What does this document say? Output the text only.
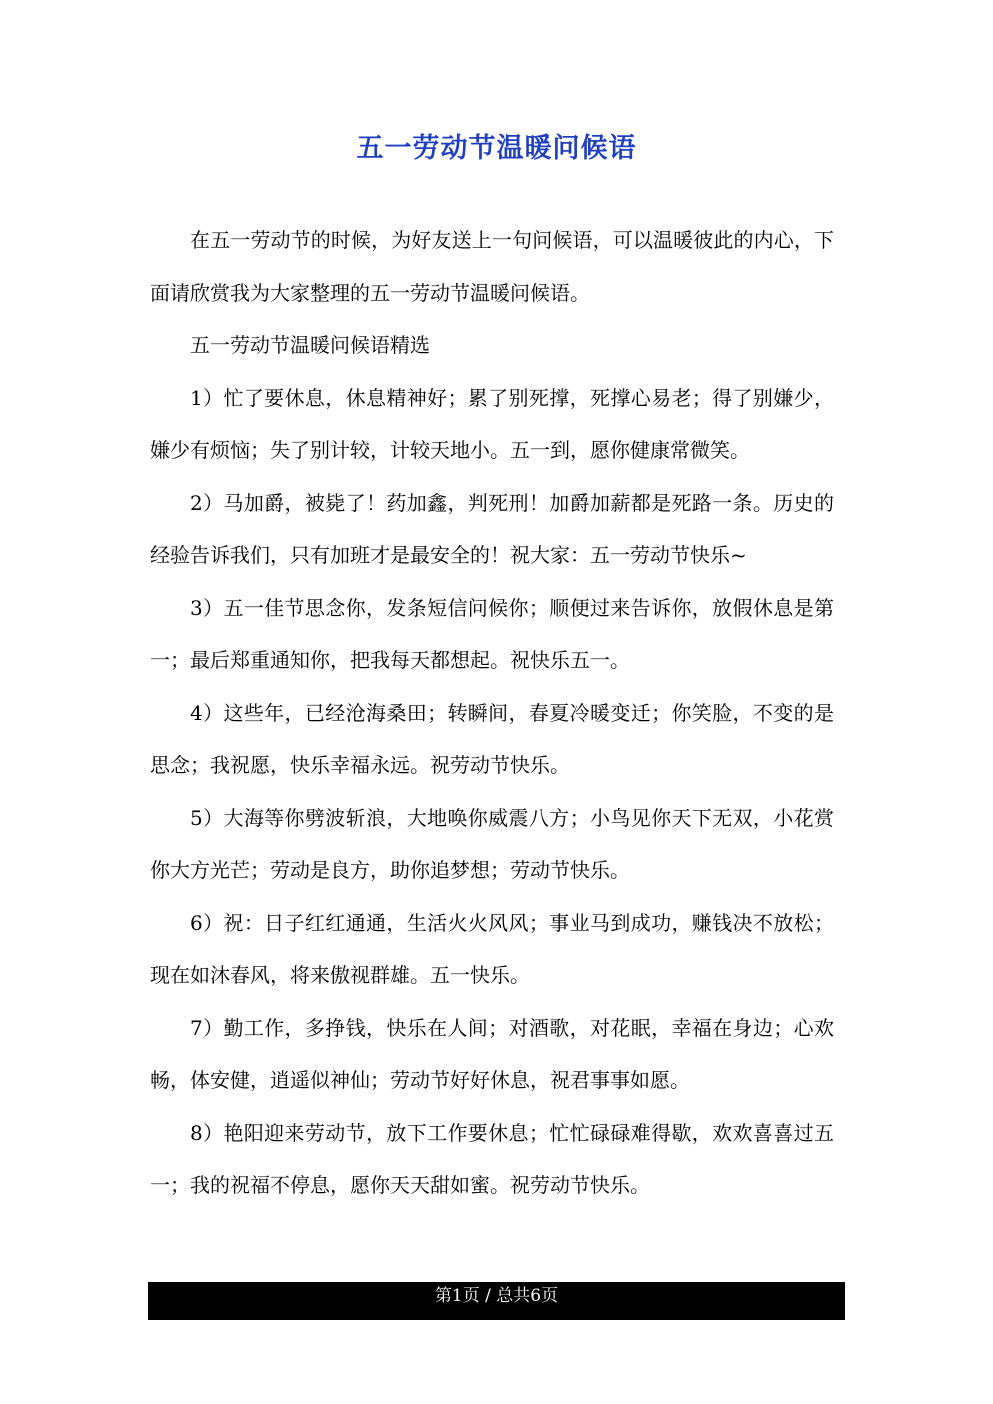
五一劳动节温暖问候语

在五一劳动节的时候，为好友送上一句问候语，可以温暖彼此的内心，下面请欣赏我为大家整理的五一劳动节温暖问候语。

五一劳动节温暖问候语精选

1）忙了要休息，休息精神好；累了别死撑，死撑心易老；得了别嫌少，嫌少有烦恼；失了别计较，计较天地小。五一到，愿你健康常微笑。

2）马加爵，被毙了！药加鑫，判死刑！加爵加薪都是死路一条。历史的经验告诉我们，只有加班才是最安全的！祝大家：五一劳动节快乐~

3）五一佳节思念你，发条短信问候你；顺便过来告诉你，放假休息是第一；最后郑重通知你，把我每天都想起。祝快乐五一。

4）这些年，已经沧海桑田；转瞬间，春夏冷暖变迁；你笑脸，不变的是思念；我祝愿，快乐幸福永远。祝劳动节快乐。

5）大海等你劈波斩浪，大地唤你威震八方；小鸟见你天下无双，小花赏你大方光芒；劳动是良方，助你追梦想；劳动节快乐。

6）祝：日子红红通通，生活火火风风；事业马到成功，赚钱决不放松；现在如沐春风，将来傲视群雄。五一快乐。

7）勤工作，多挣钱，快乐在人间；对酒歌，对花眠，幸福在身边；心欢畅，体安健，逍遥似神仙；劳动节好好休息，祝君事事如愿。

8）艳阳迎来劳动节，放下工作要休息；忙忙碌碌难得歇，欢欢喜喜过五一；我的祝福不停息，愿你天天甜如蜜。祝劳动节快乐。

第1页 / 总共6页
